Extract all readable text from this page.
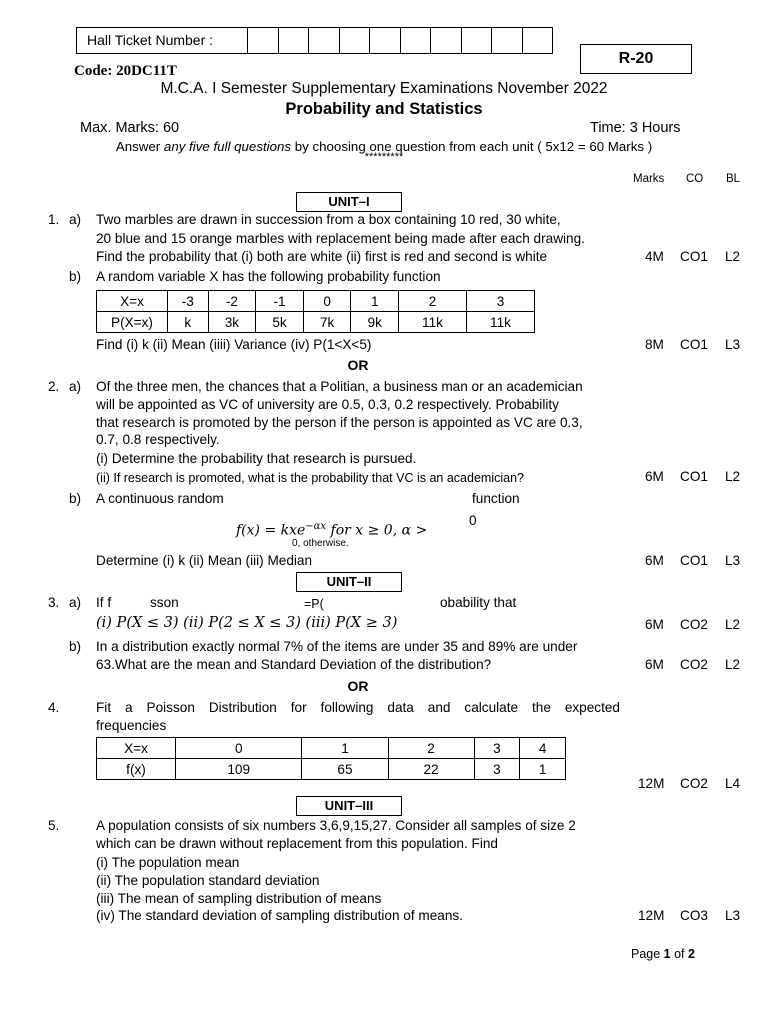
Hall Ticket Number :
R-20
Code: 20DC11T
M.C.A. I Semester Supplementary Examinations November 2022
Probability and Statistics
Max. Marks: 60	Time: 3 Hours
Answer any five full questions by choosing one question from each unit ( 5x12 = 60 Marks )
*********
Marks CO BL
UNIT–I
1. a) Two marbles are drawn in succession from a box containing 10 red, 30 white,
20 blue and 15 orange marbles with replacement being made after each drawing.
Find the probability that (i) both are white (ii) first is red and second is white	4M CO1 L2
b) A random variable X has the following probability function
X=x	-3	-2	-1	0	1	2	3
P(X=x)	k	3k	5k	7k	9k	11k	11k
Find (i) k (ii) Mean (iiii) Variance (iv) P(1<X<5)	8M CO1 L3
OR
2. a) Of the three men, the chances that a Politian, a business man or an academician
will be appointed as VC of university are 0.5, 0.3, 0.2 respectively. Probability
that research is promoted by the person if the person is appointed as VC are 0.3,
0.7, 0.8 respectively.
(i) Determine the probability that research is pursued.
(ii) If research is promoted, what is the probability that VC is an academician?	6M CO1 L2
b) A continuous random	function
f(x) = kxe$^{-\alpha x}$ for x ≥ 0, α >
0
0, otherwise.
Determine (i) k (ii) Mean (iii) Median	6M CO1 L3
UNIT–II
3. a) If f	sson	=P(	obability that
(i) P(X ≤ 3) (ii) P(2 ≤ X ≤ 3) (iii) P(X ≥ 3)	6M CO2 L2
b) In a distribution exactly normal 7% of the items are under 35 and 89% are under
63.What are the mean and Standard Deviation of the distribution?	6M CO2 L2
OR
4.	Fit a Poisson Distribution for following data and calculate the expected
frequencies
X=x	0	1	2	3	4
f(x)	109	65	22	3	1
12M CO2 L4
UNIT–III
5.	A population consists of six numbers 3,6,9,15,27. Consider all samples of size 2
which can be drawn without replacement from this population. Find
(i) The population mean
(ii) The population standard deviation
(iii) The mean of sampling distribution of means
(iv) The standard deviation of sampling distribution of means.	12M CO3 L3
Page 1 of 2
